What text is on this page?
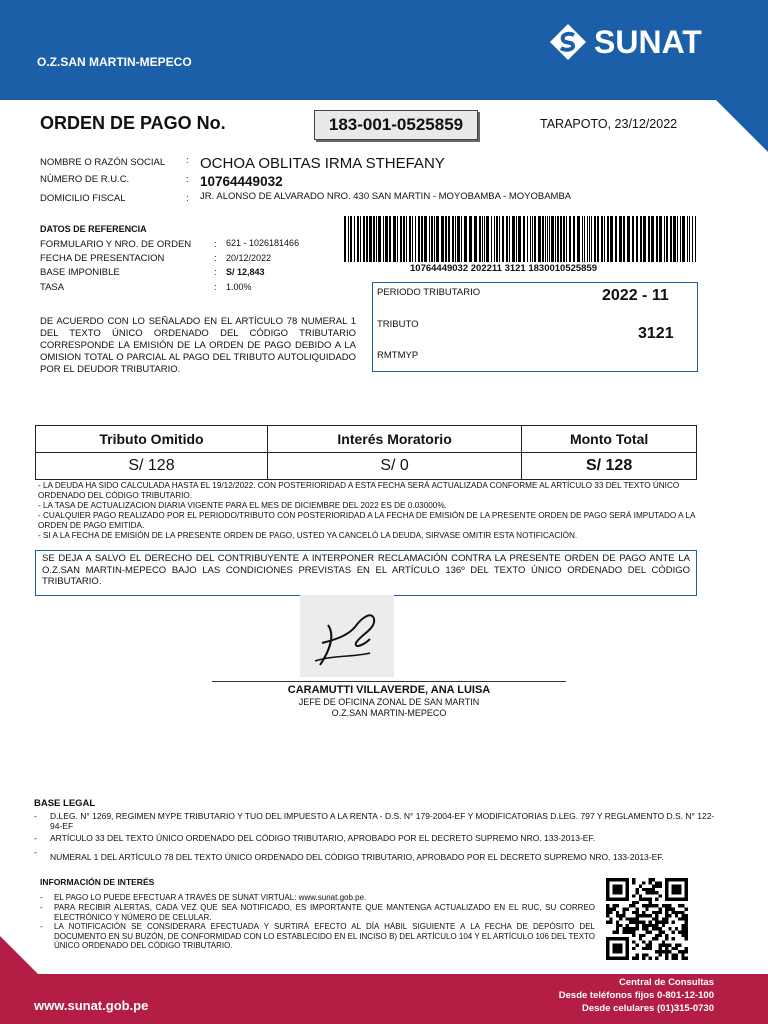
O.Z.SAN MARTIN-MEPECO
SUNAT
ORDEN DE PAGO No.	183-001-0525859	TARAPOTO, 23/12/2022
NOMBRE O RAZÓN SOCIAL : OCHOA OBLITAS IRMA STHEFANY
NÚMERO DE R.U.C.	: 10764449032
DOMICILIO FISCAL	: JR. ALONSO DE ALVARADO NRO. 430 SAN MARTIN - MOYOBAMBA - MOYOBAMBA
DATOS DE REFERENCIA
FORMULARIO Y NRO. DE ORDEN : 621 - 1026181466
FECHA DE PRESENTACION	: 20/12/2022
BASE IMPONIBLE	: S/ 12,843
TASA	: 1.00%
10764449032 202211 3121 1830010525859
PERIODO TRIBUTARIO	2022 - 11
TRIBUTO
3121
RMTMYP
DE ACUERDO CON LO SEÑALADO EN EL ARTÍCULO 78 NUMERAL 1 DEL TEXTO ÚNICO ORDENADO DEL CÓDIGO TRIBUTARIO CORRESPONDE LA EMISIÓN DE LA ORDEN DE PAGO DEBIDO A LA OMISION TOTAL O PARCIAL AL PAGO DEL TRIBUTO AUTOLIQUIDADO POR EL DEUDOR TRIBUTARIO.
Tributo Omitido	Interés Moratorio	Monto Total
S/ 128	S/ 0	S/ 128
- LA DEUDA HA SIDO CALCULADA HASTA EL 19/12/2022. CON POSTERIORIDAD A ESTA FECHA SERÁ ACTUALIZADA CONFORME AL ARTÍCULO 33 DEL TEXTO ÚNICO ORDENADO DEL CÓDIGO TRIBUTARIO.
- LA TASA DE ACTUALIZACION DIARIA VIGENTE PARA EL MES DE DICIEMBRE DEL 2022 ES DE 0.03000%.
- CUALQUIER PAGO REALIZADO POR EL PERIODO/TRIBUTO CON POSTERIORIDAD A LA FECHA DE EMISIÓN DE LA PRESENTE ORDEN DE PAGO SERÁ IMPUTADO A LA ORDEN DE PAGO EMITIDA.
- SI A LA FECHA DE EMISIÓN DE LA PRESENTE ORDEN DE PAGO, USTED YA CANCELÓ LA DEUDA, SIRVASE OMITIR ESTA NOTIFICACIÓN.
SE DEJA A SALVO EL DERECHO DEL CONTRIBUYENTE A INTERPONER RECLAMACIÓN CONTRA LA PRESENTE ORDEN DE PAGO ANTE LA O.Z.SAN MARTIN-MEPECO BAJO LAS CONDICIONES PREVISTAS EN EL ARTÍCULO 136º DEL TEXTO ÚNICO ORDENADO DEL CÓDIGO TRIBUTARIO.
CARAMUTTI VILLAVERDE, ANA LUISA
JEFE DE OFICINA ZONAL DE SAN MARTIN
O.Z.SAN MARTIN-MEPECO
BASE LEGAL
- D.LEG. N° 1269, REGIMEN MYPE TRIBUTARIO Y TUO DEL IMPUESTO A LA RENTA - D.S. N° 179-2004-EF Y MODIFICATORIAS D.LEG. 797 Y REGLAMENTO D.S. N° 122-94-EF
- ARTÍCULO 33 DEL TEXTO ÚNICO ORDENADO DEL CÓDIGO TRIBUTARIO, APROBADO POR EL DECRETO SUPREMO NRO. 133-2013-EF.
- NUMERAL 1 DEL ARTÍCULO 78 DEL TEXTO ÚNICO ORDENADO DEL CÓDIGO TRIBUTARIO, APROBADO POR EL DECRETO SUPREMO NRO. 133-2013-EF.
INFORMACIÓN DE INTERÉS
- EL PAGO LO PUEDE EFECTUAR A TRAVÉS DE SUNAT VIRTUAL: www.sunat.gob.pe.
- PARA RECIBIR ALERTAS, CADA VEZ QUE SEA NOTIFICADO, ES IMPORTANTE QUE MANTENGA ACTUALIZADO EN EL RUC, SU CORREO ELECTRÓNICO Y NÚMERO DE CELULAR.
- LA NOTIFICACIÓN SE CONSIDERARA EFECTUADA Y SURTIRÁ EFECTO AL DÍA HÁBIL SIGUIENTE A LA FECHA DE DEPÓSITO DEL DOCUMENTO EN SU BUZÓN, DE CONFORMIDAD CON LO ESTABLECIDO EN EL INCISO B) DEL ARTÍCULO 104 Y EL ARTÍCULO 106 DEL TEXTO ÚNICO ORDENADO DEL CÓDIGO TRIBUTARIO.
www.sunat.gob.pe
Central de Consultas
Desde teléfonos fijos 0-801-12-100
Desde celulares (01)315-0730
